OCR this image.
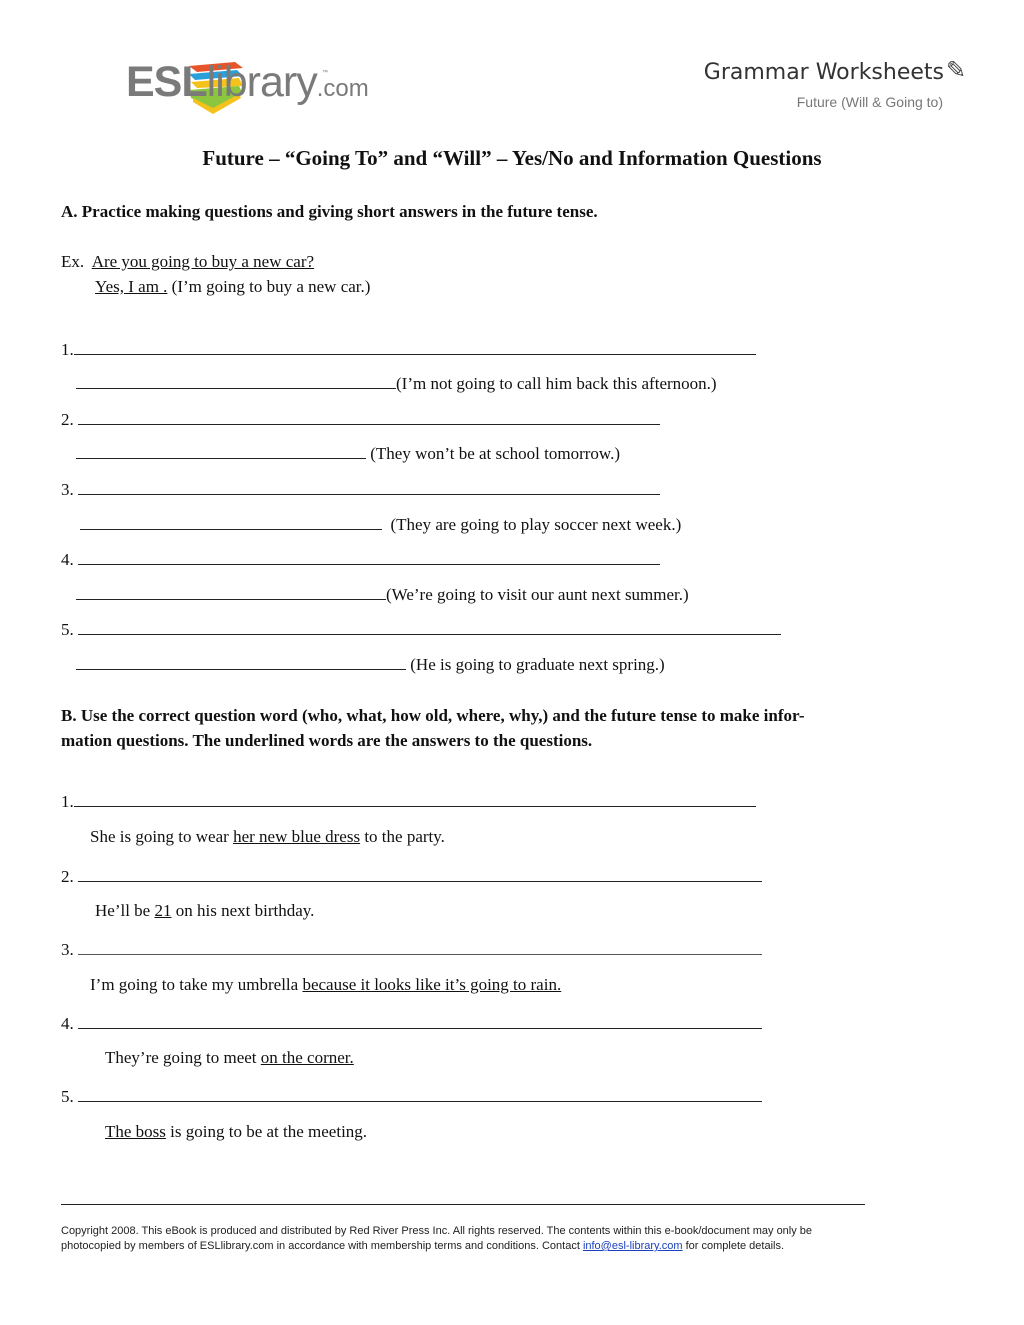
ESLlibrary.com
™	Grammar Worksheets ✎
Future (Will & Going to)
Future – “Going To” and “Will” – Yes/No and Information Questions
A. Practice making questions and giving short answers in the future tense.
Ex. Are you going to buy a new car?
Yes, I am . (I’m going to buy a new car.)
1.
(I’m not going to call him back this afternoon.)
2.
(They won’t be at school tomorrow.)
3.
(They are going to play soccer next week.)
4.
(We’re going to visit our aunt next summer.)
5.
(He is going to graduate next spring.)
B. Use the correct question word (who, what, how old, where, why,) and the future tense to make infor-
mation questions. The underlined words are the answers to the questions.
1.
She is going to wear her new blue dress to the party.
2.
He’ll be 21 on his next birthday.
3.
I’m going to take my umbrella because it looks like it’s going to rain.
4.
They’re going to meet on the corner.
5.
The boss is going to be at the meeting.
Copyright 2008. This eBook is produced and distributed by Red River Press Inc. All rights reserved. The contents within this e-book/document may only be
photocopied by members of ESLlibrary.com in accordance with membership terms and conditions. Contact info@esl-library.com for complete details.
